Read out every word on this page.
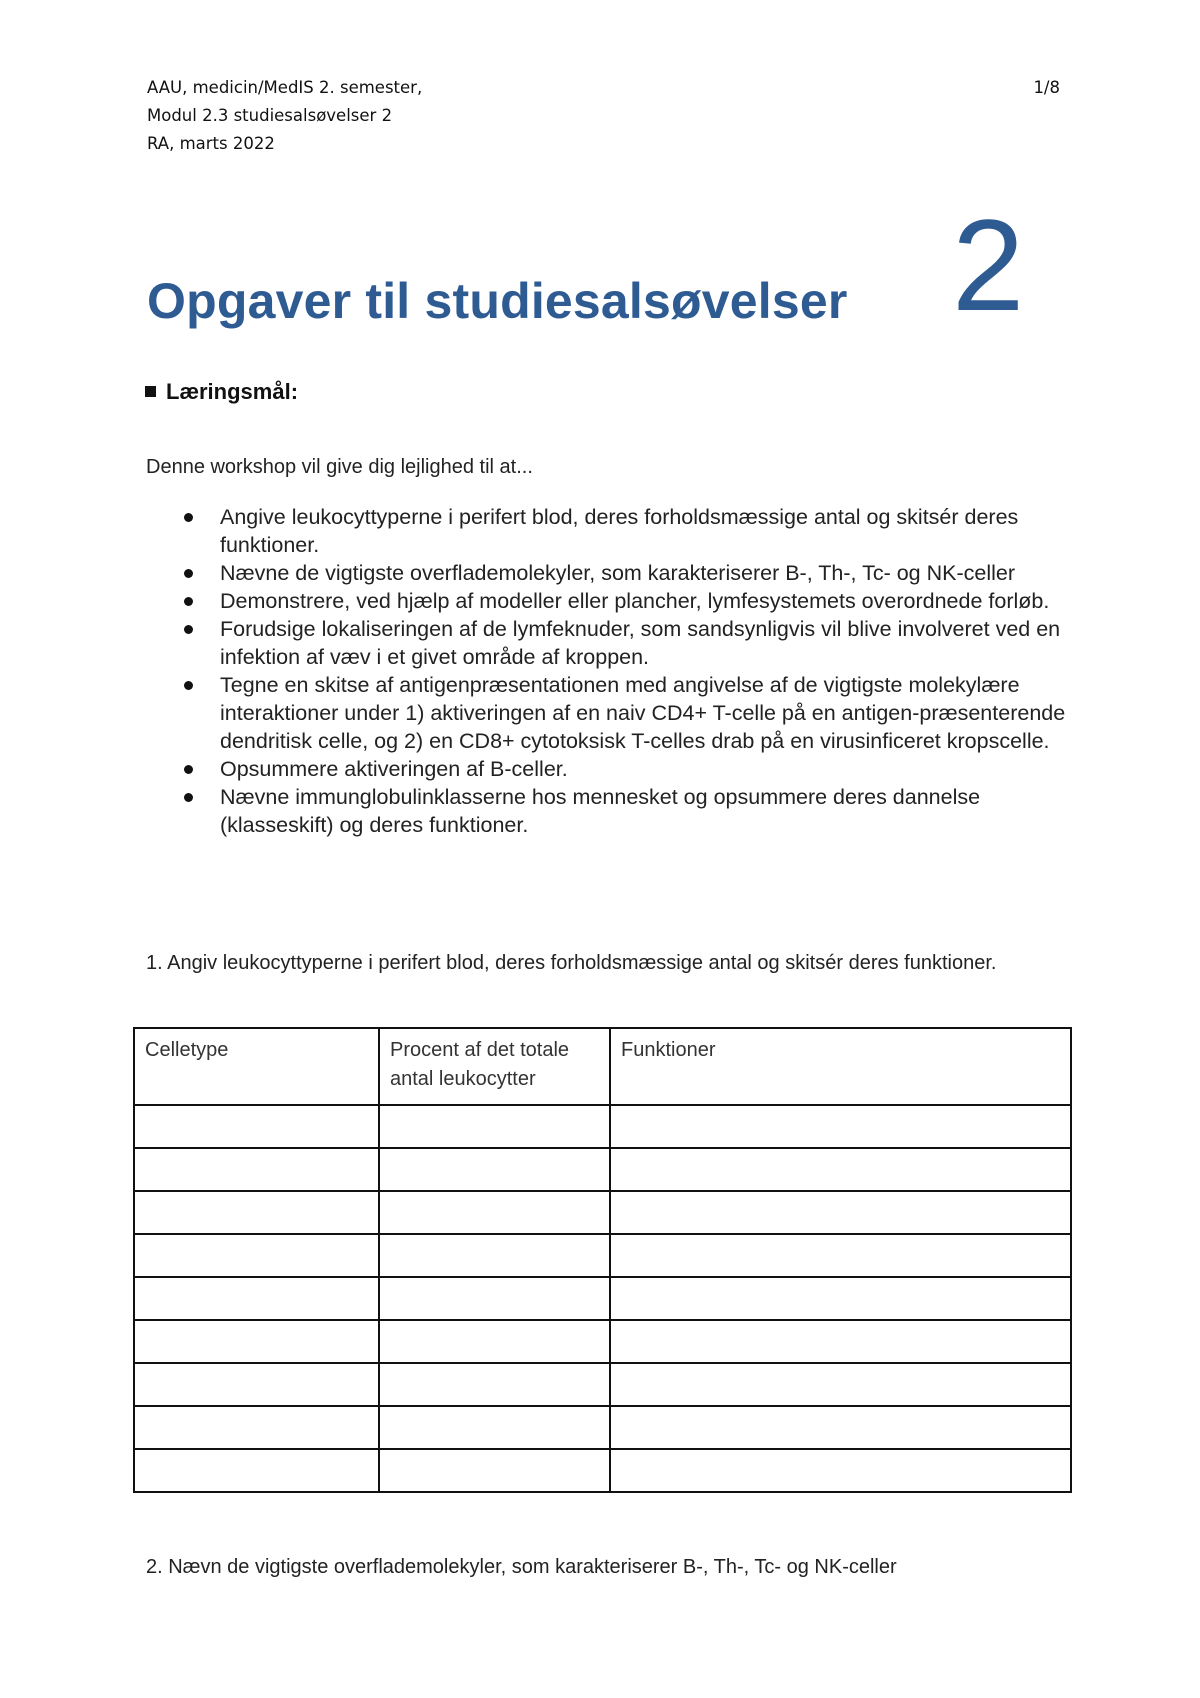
AAU, medicin/MedIS 2. semester,
Modul 2.3 studiesalsøvelser 2
RA, marts 2022
1/8
Opgaver til studiesalsøvelser 2
Læringsmål:
Denne workshop vil give dig lejlighed til at...
Angive leukocyttyperne i perifert blod, deres forholdsmæssige antal og skitsér deres funktioner.
Nævne de vigtigste overflademolekyler, som karakteriserer B-, Th-, Tc- og NK-celler
Demonstrere, ved hjælp af modeller eller plancher, lymfesystemets overordnede forløb.
Forudsige lokaliseringen af de lymfeknuder, som sandsynligvis vil blive involveret ved en infektion af væv i et givet område af kroppen.
Tegne en skitse af antigenpræsentationen med angivelse af de vigtigste molekylære interaktioner under 1) aktiveringen af en naiv CD4+ T-celle på en antigen-præsenterende dendritisk celle, og 2) en CD8+ cytotoksisk T-celles drab på en virusinficeret kropscelle.
Opsummere aktiveringen af B-celler.
Nævne immunglobulinklasserne hos mennesket og opsummere deres dannelse (klasseskift) og deres funktioner.
1. Angiv leukocyttyperne i perifert blod, deres forholdsmæssige antal og skitsér deres funktioner.
Celletype	Procent af det totale antal leukocytter	Funktioner

2. Nævn de vigtigste overflademolekyler, som karakteriserer B-, Th-, Tc- og NK-celler
